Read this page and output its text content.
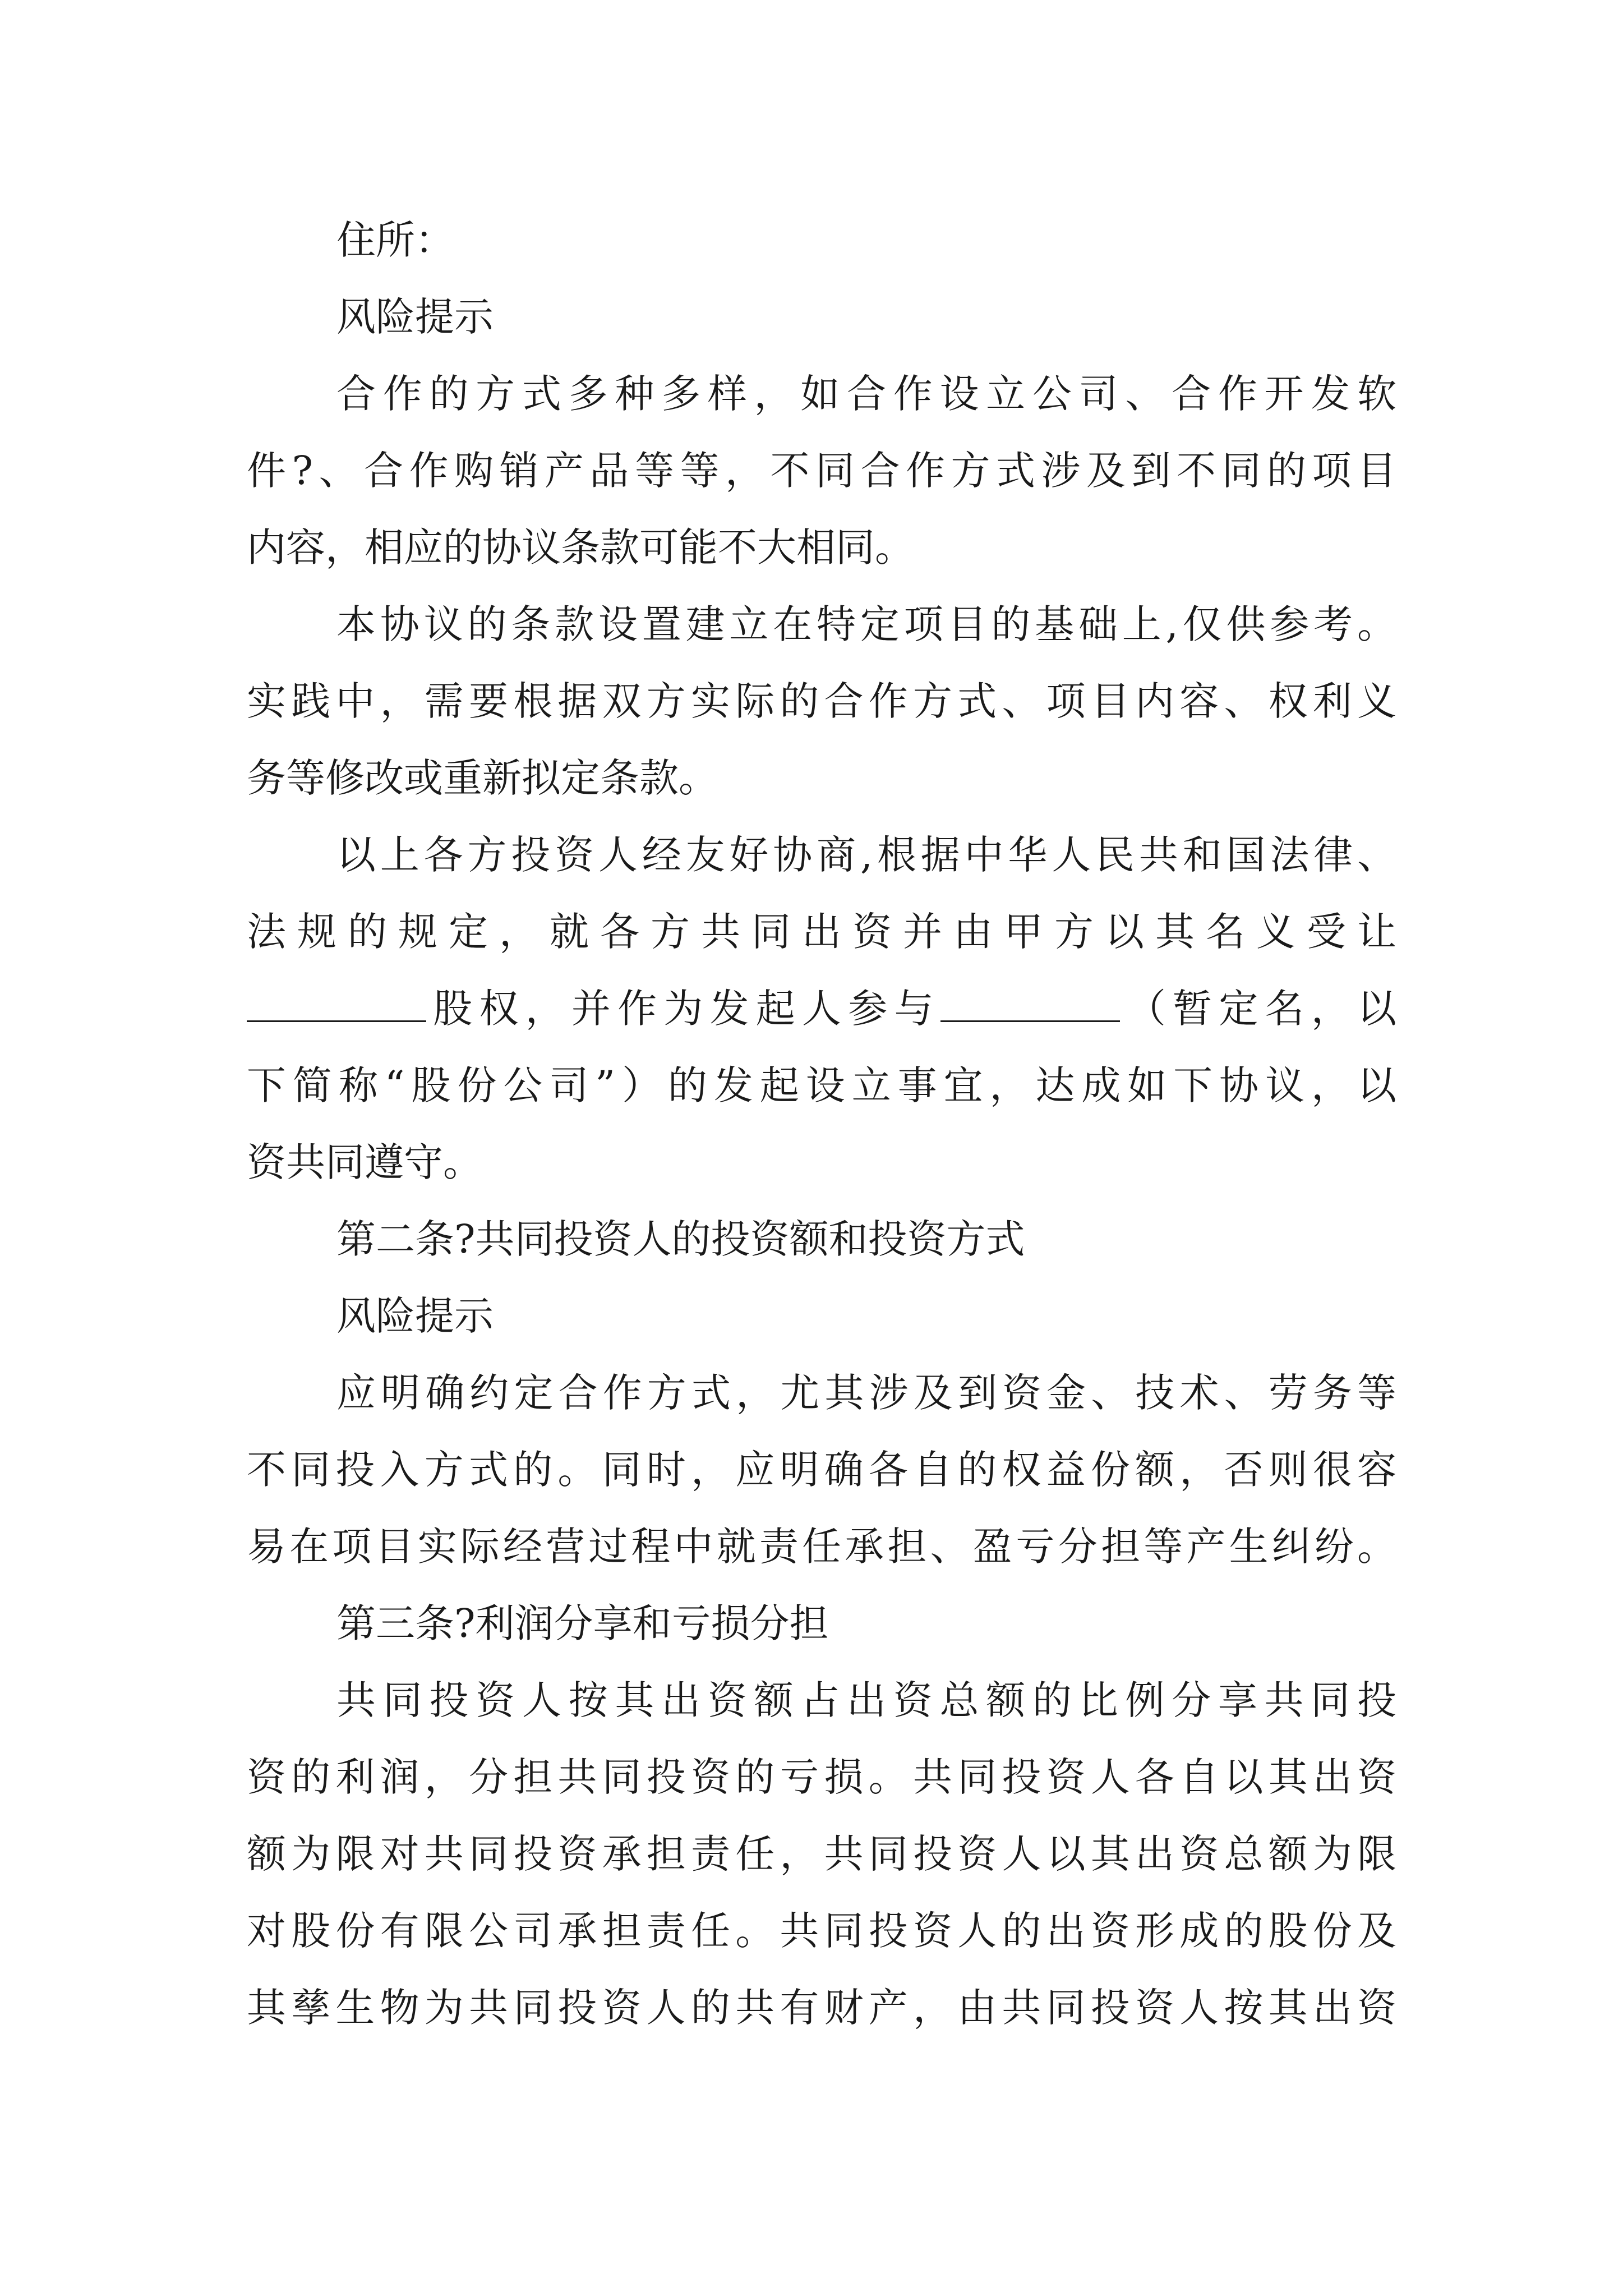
住所：
风险提示
合作的方式多种多样，如合作设立公司、合作开发软
件?、合作购销产品等等，不同合作方式涉及到不同的项目
内容，相应的协议条款可能不大相同。
本协议的条款设置建立在特定项目的基础上,仅供参考。
实践中，需要根据双方实际的合作方式、项目内容、权利义
务等修改或重新拟定条款。
以上各方投资人经友好协商,根据中华人民共和国法律、
法规的规定，就各方共同出资并由甲方以其名义受让
股权，并作为发起人参与	（暂定名，以
下简称“股份公司”）的发起设立事宜，达成如下协议，以
资共同遵守。
第二条?共同投资人的投资额和投资方式
风险提示
应明确约定合作方式，尤其涉及到资金、技术、劳务等
不同投入方式的。同时，应明确各自的权益份额，否则很容
易在项目实际经营过程中就责任承担、盈亏分担等产生纠纷。
第三条?利润分享和亏损分担
共同投资人按其出资额占出资总额的比例分享共同投
资的利润，分担共同投资的亏损。共同投资人各自以其出资
额为限对共同投资承担责任，共同投资人以其出资总额为限
对股份有限公司承担责任。共同投资人的出资形成的股份及
其孳生物为共同投资人的共有财产，由共同投资人按其出资
